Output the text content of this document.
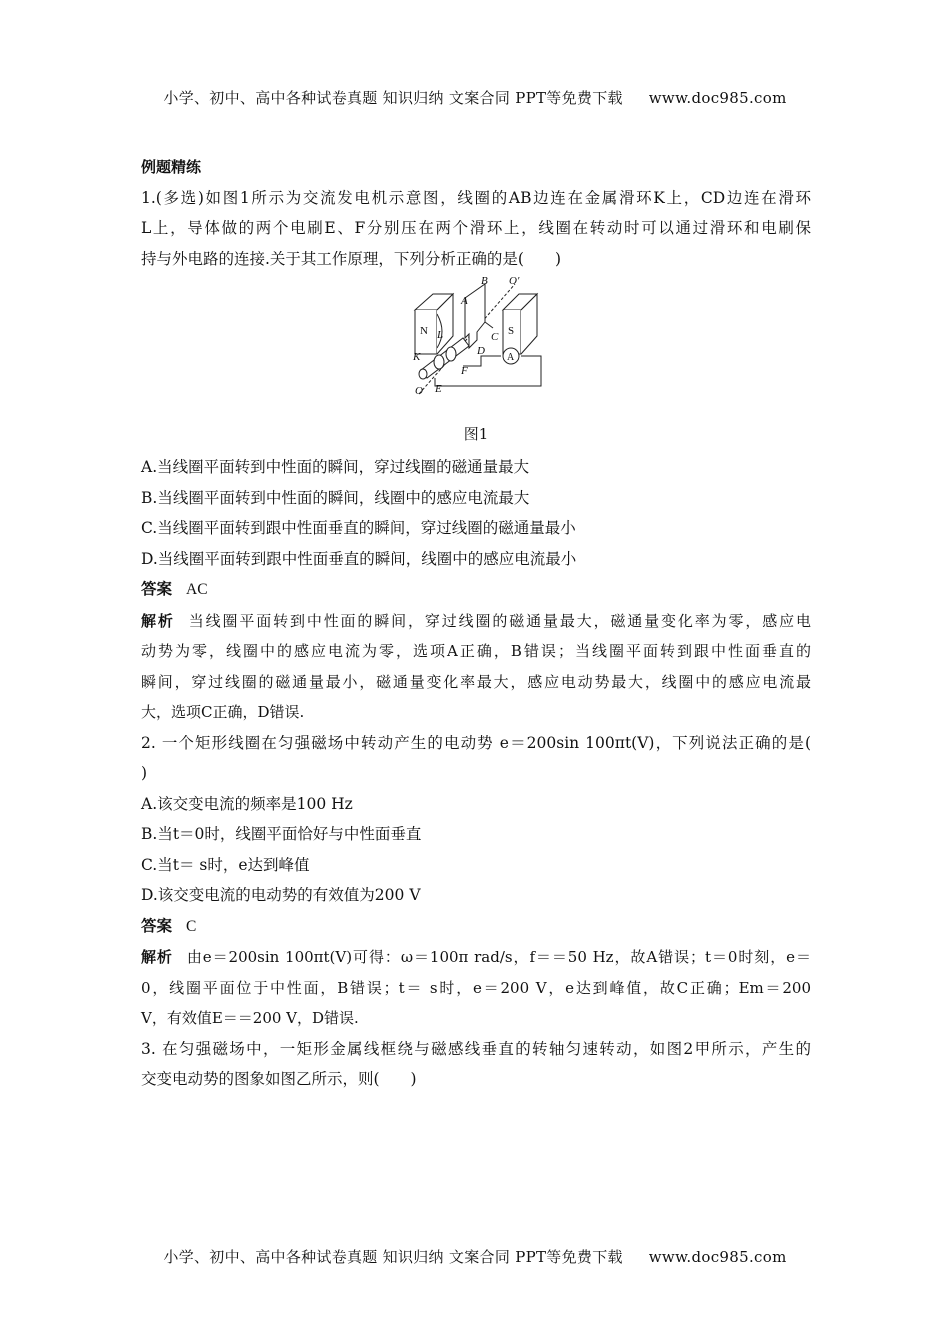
小学、初中、高中各种试卷真题 知识归纳 文案合同 PPT等免费下载 www.doc985.com
例题精练
1.(多选)如图1所示为交流发电机示意图，线圈的AB边连在金属滑环K上，CD边连在滑环
L上，导体做的两个电刷E、F分别压在两个滑环上，线圈在转动时可以通过滑环和电刷保
持与外电路的连接.关于其工作原理，下列分析正确的是(　　)
N	S
A
B O′
L	C
D
K
F
O E
A
图1
A.当线圈平面转到中性面的瞬间，穿过线圈的磁通量最大
B.当线圈平面转到中性面的瞬间，线圈中的感应电流最大
C.当线圈平面转到跟中性面垂直的瞬间，穿过线圈的磁通量最小
D.当线圈平面转到跟中性面垂直的瞬间，线圈中的感应电流最小
答案 AC
解析 当线圈平面转到中性面的瞬间，穿过线圈的磁通量最大，磁通量变化率为零，感应电
动势为零，线圈中的感应电流为零，选项A正确，B错误；当线圈平面转到跟中性面垂直的
瞬间，穿过线圈的磁通量最小，磁通量变化率最大，感应电动势最大，线圈中的感应电流最
大，选项C正确，D错误.
2. 一个矩形线圈在匀强磁场中转动产生的电动势 e＝200sin 100πt(V)，下列说法正确的是(
)
A.该交变电流的频率是100 Hz
B.当t＝0时，线圈平面恰好与中性面垂直
C.当t＝ s时，e达到峰值
D.该交变电流的电动势的有效值为200 V
答案 C
解析 由e＝200sin 100πt(V)可得：ω＝100π rad/s，f＝＝50 Hz，故A错误；t＝0时刻，e＝
0，线圈平面位于中性面，B错误；t＝ s时，e＝200 V，e达到峰值，故C正确；Em＝200
V，有效值E＝＝200 V，D错误.
3. 在匀强磁场中，一矩形金属线框绕与磁感线垂直的转轴匀速转动，如图2甲所示，产生的
交变电动势的图象如图乙所示，则(　　)
小学、初中、高中各种试卷真题 知识归纳 文案合同 PPT等免费下载 www.doc985.com
